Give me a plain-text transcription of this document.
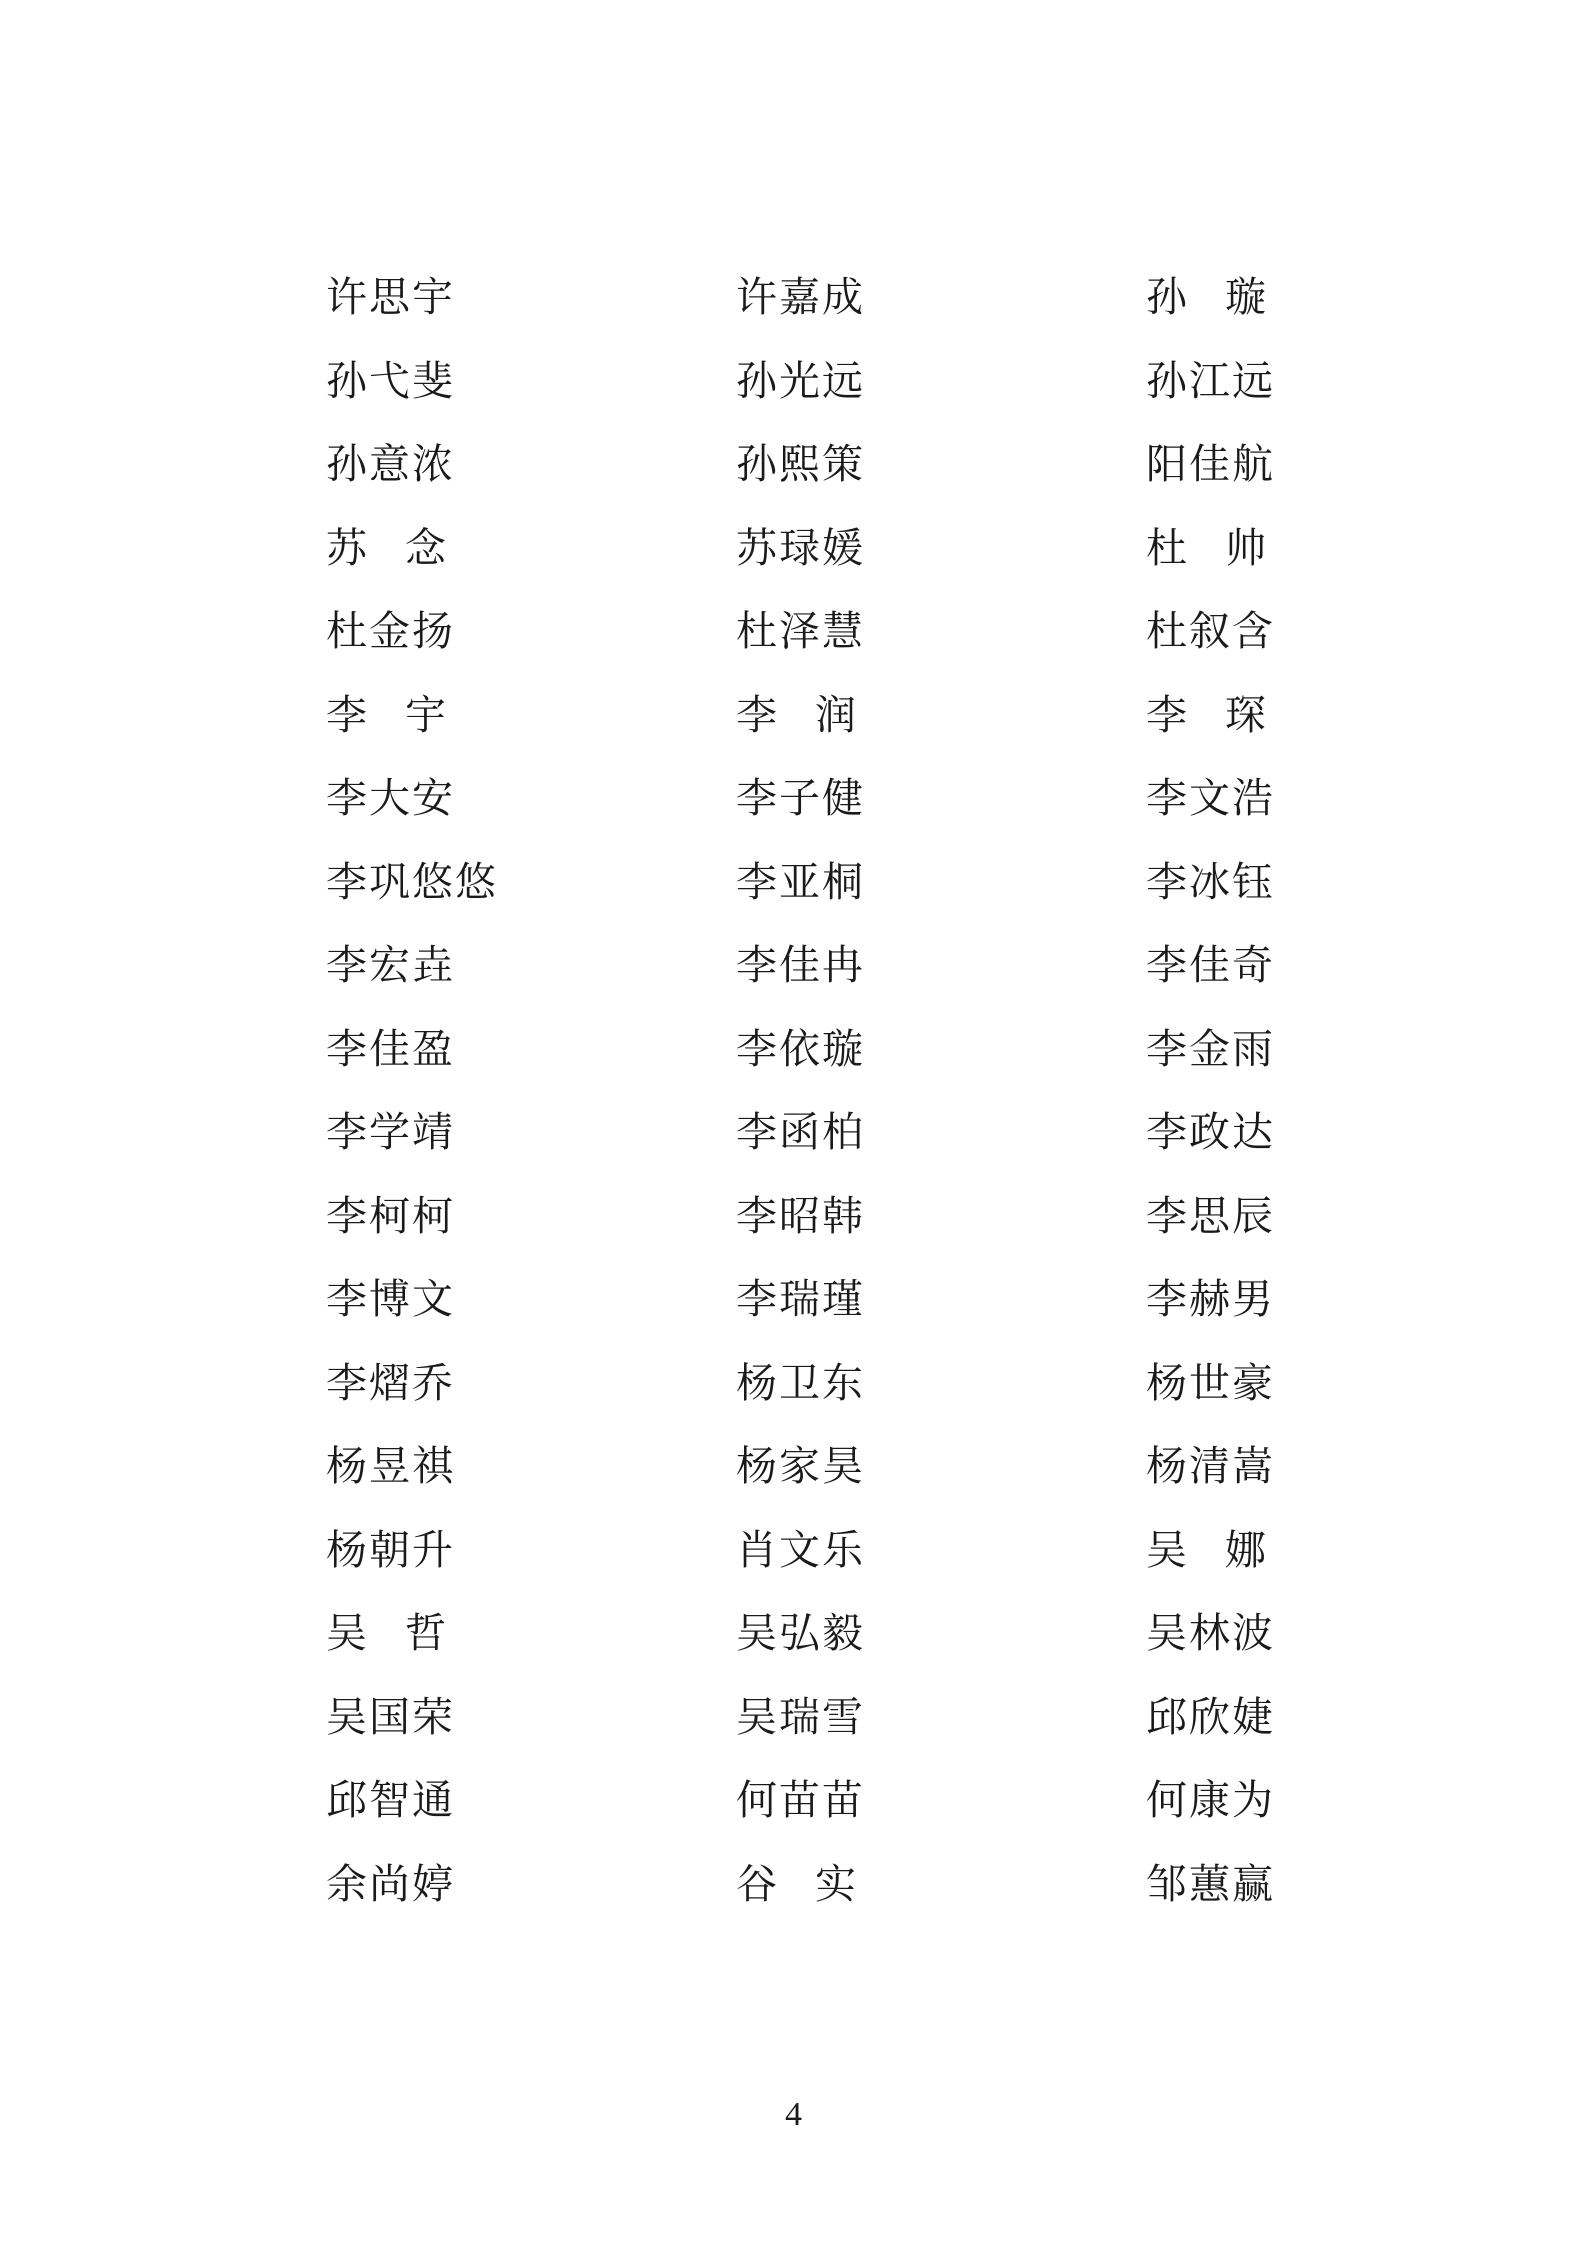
许思宇	许嘉成	孙 璇
孙弋斐	孙光远	孙江远
孙意浓	孙熙策	阳佳航
苏 念	苏琭媛	杜 帅
杜金扬	杜泽慧	杜叙含
李 宇	李 润	李 琛
李大安	李子健	李文浩
李巩悠悠	李亚桐	李冰钰
李宏垚	李佳冉	李佳奇
李佳盈	李依璇	李金雨
李学靖	李函柏	李政达
李柯柯	李昭韩	李思辰
李博文	李瑞瑾	李赫男
李熠乔	杨卫东	杨世豪
杨昱祺	杨家昊	杨清嵩
杨朝升	肖文乐	吴 娜
吴 哲	吴弘毅	吴林波
吴国荣	吴瑞雪	邱欣婕
邱智通	何苗苗	何康为
余尚婷	谷 实	邹蕙赢
4
